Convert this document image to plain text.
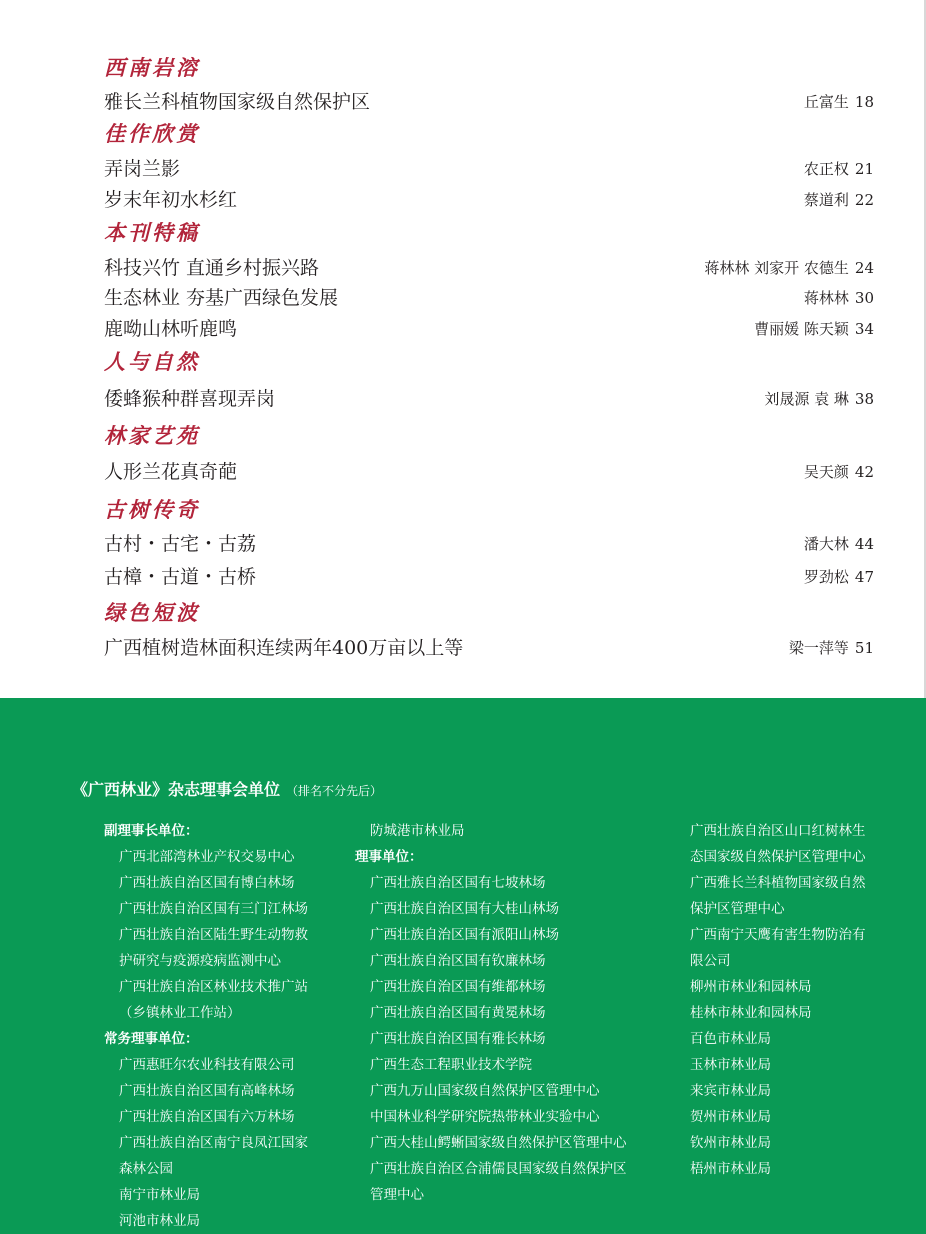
西南岩溶
雅长兰科植物国家级自然保护区	丘富生 18
佳作欣赏
弄岗兰影	农正权 21
岁末年初水杉红	蔡道利 22
本刊特稿
科技兴竹 直通乡村振兴路	蒋林林 刘家开 农德生 24
生态林业 夯基广西绿色发展	蒋林林 30
鹿呦山林听鹿鸣	曹丽媛 陈天颖 34
人与自然
倭蜂猴种群喜现弄岗	刘晟源 袁 琳 38
林家艺苑
人形兰花真奇葩	吴天颜 42
古树传奇
古村・古宅・古荔	潘大林 44
古樟・古道・古桥	罗劲松 47
绿色短波
广西植树造林面积连续两年400万亩以上等	梁一萍等 51
《广西林业》杂志理事会单位 （排名不分先后）
副理事长单位：
广西北部湾林业产权交易中心
广西壮族自治区国有博白林场
广西壮族自治区国有三门江林场
广西壮族自治区陆生野生动物救
护研究与疫源疫病监测中心
广西壮族自治区林业技术推广站
（乡镇林业工作站）
常务理事单位：
广西惠旺尔农业科技有限公司
广西壮族自治区国有高峰林场
广西壮族自治区国有六万林场
广西壮族自治区南宁良凤江国家
森林公园
南宁市林业局
河池市林业局
防城港市林业局
理事单位：
广西壮族自治区国有七坡林场
广西壮族自治区国有大桂山林场
广西壮族自治区国有派阳山林场
广西壮族自治区国有钦廉林场
广西壮族自治区国有维都林场
广西壮族自治区国有黄冕林场
广西壮族自治区国有雅长林场
广西生态工程职业技术学院
广西九万山国家级自然保护区管理中心
中国林业科学研究院热带林业实验中心
广西大桂山鳄蜥国家级自然保护区管理中心
广西壮族自治区合浦儒艮国家级自然保护区
管理中心
广西壮族自治区山口红树林生
态国家级自然保护区管理中心
广西雅长兰科植物国家级自然
保护区管理中心
广西南宁天鹰有害生物防治有
限公司
柳州市林业和园林局
桂林市林业和园林局
百色市林业局
玉林市林业局
来宾市林业局
贺州市林业局
钦州市林业局
梧州市林业局
